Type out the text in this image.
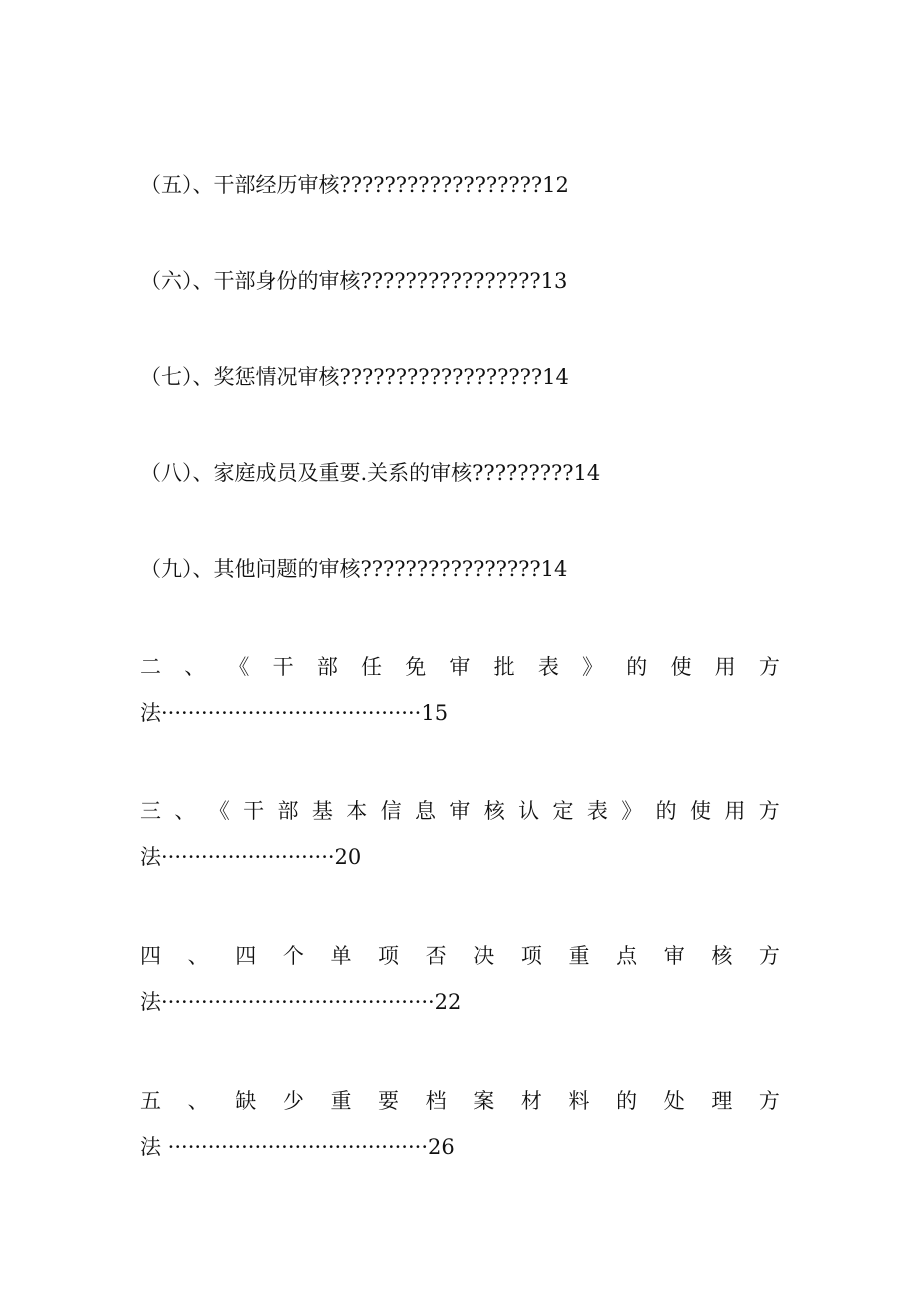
（五）、干部经历审核??????????????????12
（六）、干部身份的审核????????????????13
（七）、奖惩情况审核??????????????????14
（八）、家庭成员及重要.关系的审核?????????14
（九）、其他问题的审核????????????????14
二 、 《 干 部 任 免 审 批 表 》 的 使 用 方
法·······································15
三 、 《 干 部 基 本 信 息 审 核 认 定 表 》 的 使 用 方
法··························20
四 、 四 个 单 项 否 决 项 重 点 审 核 方
法·········································22
五 、 缺 少 重 要 档 案 材 料 的 处 理 方
法 ·······································26
